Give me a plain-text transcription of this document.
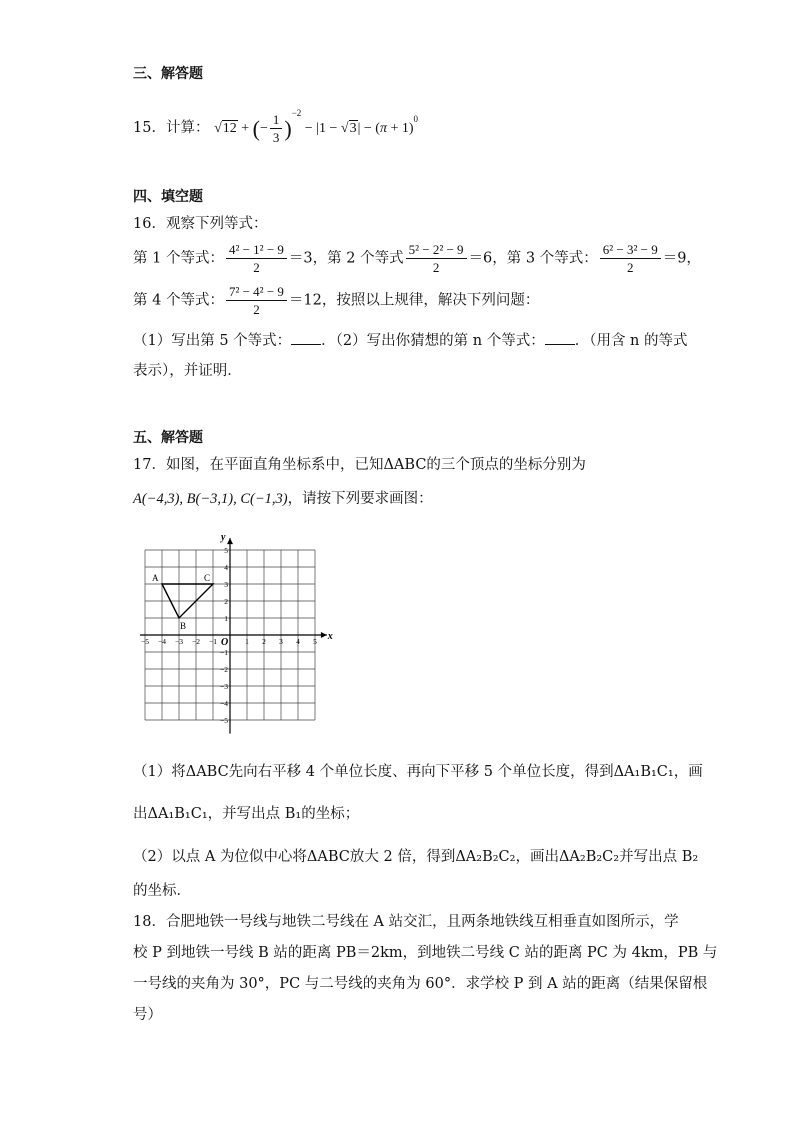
三、解答题
15．计算： √12 + (− $\frac{1}{3} )^{-2} - |1 - √3| - (\pi + 1)^0$
四、填空题
16．观察下列等式：
第 1 个等式： $\frac{\text{4² − 1² − 9}}{2} =3$，第 2 个等式 $\frac{\text{5² − 2² − 9}}{2} =6$，第 3 个等式： $\frac{\text{6² − 3² − 9}}{2} =9$，
第 4 个等式： $\frac{\text{7² − 4² − 9}}{2} =12$，按照以上规律，解决下列问题：
（1）写出第 5 个等式： ．（2）写出你猜想的第 n 个等式： ．（用含 n 的等式
表示），并证明．
五、解答题
17．如图，在平面直角坐标系中，已知ΔABC的三个顶点的坐标分别为
A(−4,3), B(−3,1), C(−1,3)，请按下列要求画图：
x
y
O
−5 −4 −3 −2 −1	1 2 3 4 5
5
4
3
2
1
−1
−2
−3
−4
−5
A
B
C
（1）将ΔABC先向右平移 4 个单位长度、再向下平移 5 个单位长度，得到ΔA₁B₁C₁，画
出ΔA₁B₁C₁，并写出点 B₁的坐标；
（2）以点 A 为位似中心将ΔABC放大 2 倍，得到ΔA₂B₂C₂，画出ΔA₂B₂C₂并写出点 B₂
的坐标．
18．合肥地铁一号线与地铁二号线在 A 站交汇，且两条地铁线互相垂直如图所示，学
校 P 到地铁一号线 B 站的距离 PB＝2km，到地铁二号线 C 站的距离 PC 为 4km，PB 与
一号线的夹角为 30°，PC 与二号线的夹角为 60°．求学校 P 到 A 站的距离（结果保留根
号）
